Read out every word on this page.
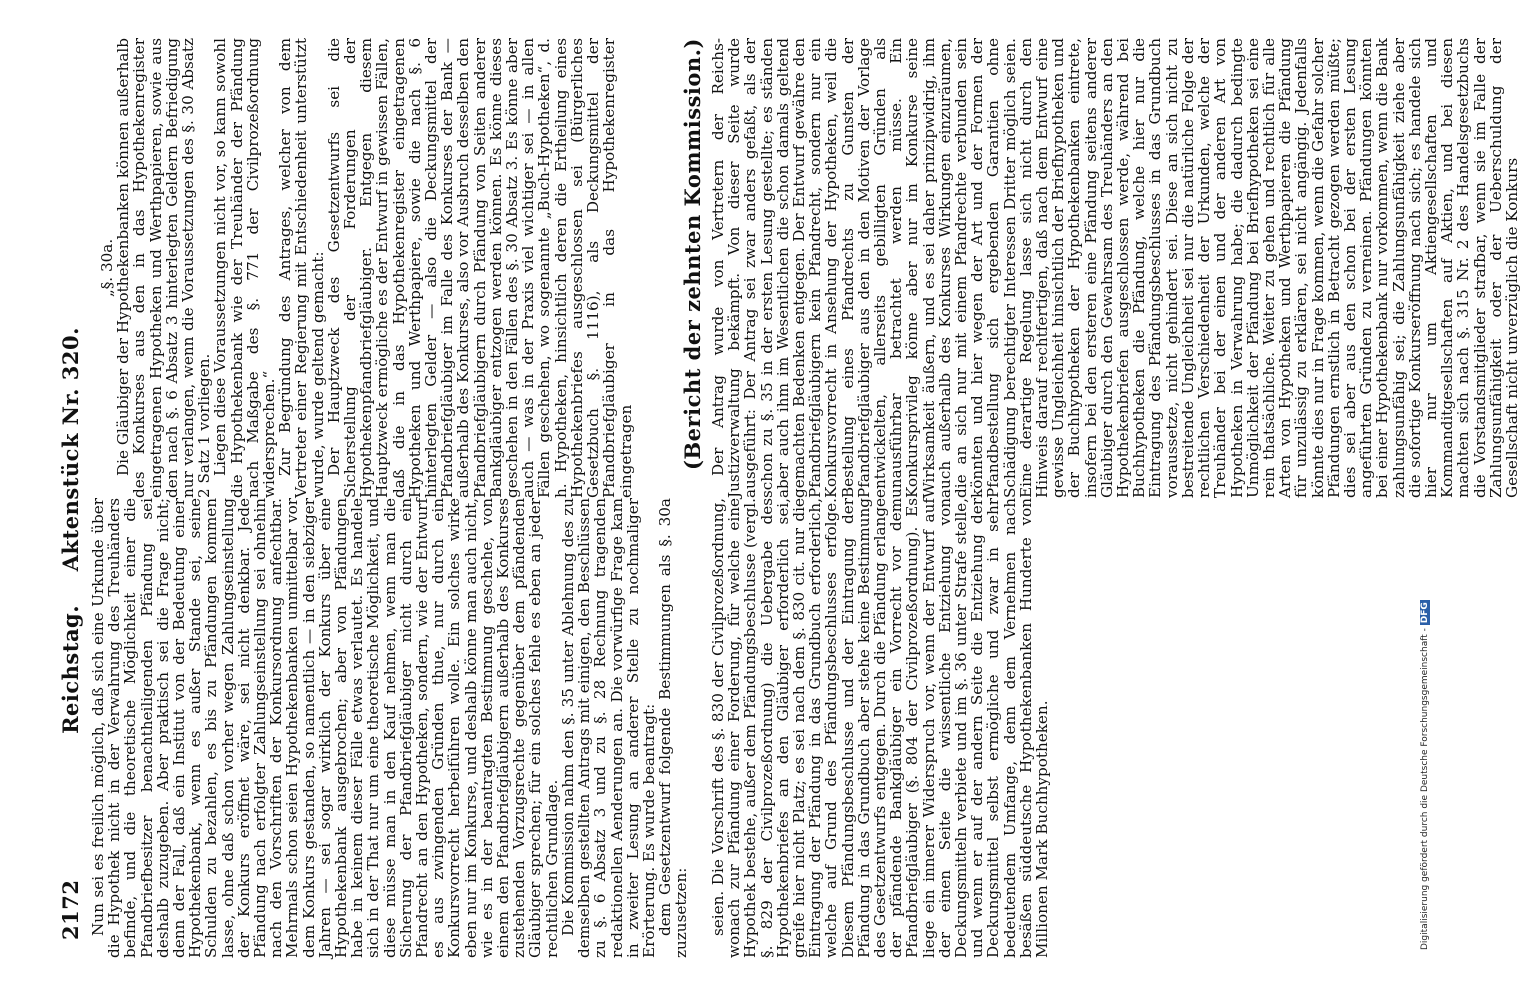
2172  Reichstag.  Aktenstück Nr. 320.	(Bericht der zehnten Kommission.)

Nun sei es freilich möglich, daß sich eine Urkunde über die Hypothek nicht in der Verwahrung des Treuhänders befinde, und die theoretische Möglichkeit einer die Pfandbriefbesitzer benachtheiligenden Pfändung sei deshalb zuzugeben. Aber praktisch sei die Frage nicht; denn der Fall, daß ein Institut von der Bedeutung einer Hypothekenbank, wenn es außer Stande sei, seine Schulden zu bezahlen, es bis zu Pfändungen kommen lasse, ohne daß schon vorher wegen Zahlungseinstellung der Konkurs eröffnet wäre, sei nicht denkbar. Jede Pfändung nach erfolgter Zahlungseinstellung sei ohnehin nach den Vorschriften der Konkursordnung anfechtbar. Mehrmals schon seien Hypothekenbanken unmittelbar vor dem Konkurs gestanden, so namentlich — in den siebziger Jahren — sei sogar wirklich der Konkurs über eine Hypothekenbank ausgebrochen; aber von Pfändungen habe in keinem dieser Fälle etwas verlautet. Es handele sich in der That nur um eine theoretische Möglichkeit, und diese müsse man in den Kauf nehmen, wenn man die Sicherung der Pfandbriefgläubiger nicht durch ein Pfandrecht an den Hypotheken, sondern, wie der Entwurf es aus zwingenden Gründen thue, nur durch ein Konkursvorrecht herbeiführen wolle. Ein solches wirke eben nur im Konkurse, und deshalb könne man auch nicht, wie es in der beantragten Bestimmung geschehe, von einem den Pfandbriefgläubigern außerhalb des Konkurses zustehenden Vorzugsrechte gegenüber dem pfändenden Gläubiger sprechen; für ein solches fehle es eben an jeder rechtlichen Grundlage.

Die Kommission nahm den §. 35 unter Ablehnung des zu demselben gestellten Antrags mit einigen, den Beschlüssen zu §. 6 Absatz 3 und zu §. 28 Rechnung tragenden redaktionellen Aenderungen an. Die vorwürfige Frage kam in zweiter Lesung an anderer Stelle zu nochmaliger Erörterung. Es wurde beantragt:

dem Gesetzentwurf folgende Bestimmungen als §. 30a zuzusetzen:

„§. 30a.

Die Gläubiger der Hypothekenbanken können außerhalb des Konkurses aus den in das Hypothekenregister eingetragenen Hypotheken und Werthpapieren, sowie aus den nach §. 6 Absatz 3 hinterlegten Geldern Befriedigung nur verlangen, wenn die Voraussetzungen des §. 30 Absatz 2 Satz 1 vorliegen.

Liegen diese Voraussetzungen nicht vor, so kann sowohl die Hypothekenbank wie der Treuhänder der Pfändung nach Maßgabe des §. 771 der Civilprozeßordnung widersprechen.“

Zur Begründung des Antrages, welcher von dem Vertreter einer Regierung mit Entschiedenheit unterstützt wurde, wurde geltend gemacht:

Der Hauptzweck des Gesetzentwurfs sei die Sicherstellung der Forderungen der Hypothekenpfandbriefgläubiger. Entgegen diesem Hauptzweck ermögliche es der Entwurf in gewissen Fällen, daß die in das Hypothekenregister eingetragenen Hypotheken und Werthpapiere, sowie die nach §. 6 hinterlegten Gelder — also die Deckungsmittel der Pfandbriefgläubiger im Falle des Konkurses der Bank — außerhalb des Konkurses, also vor Ausbruch desselben den Pfandbriefgläubigern durch Pfändung von Seiten anderer Bankgläubiger entzogen werden können. Es könne dieses geschehen in den Fällen des §. 30 Absatz 3. Es könne aber auch — was in der Praxis viel wichtiger sei — in allen Fällen geschehen, wo sogenannte „Buch-Hypotheken“, d. h. Hypotheken, hinsichtlich deren die Ertheilung eines Hypothekenbriefes ausgeschlossen sei (Bürgerliches Gesetzbuch §. 1116), als Deckungsmittel der Pfandbriefgläubiger in das Hypothekenregister eingetragen

seien. Die Vorschrift des §. 830 der Civilprozeßordnung, wonach zur Pfändung einer Forderung, für welche eine Hypothek bestehe, außer dem Pfändungsbeschlusse (vergl. §. 829 der Civilprozeßordnung) die Uebergabe des Hypothekenbriefes an den Gläubiger erforderlich sei, greife hier nicht Platz; es sei nach dem §. 830 cit. nur die Eintragung der Pfändung in das Grundbuch erforderlich, welche auf Grund des Pfändungsbeschlusses erfolge. Diesem Pfändungsbeschlusse und der Eintragung der Pfändung in das Grundbuch aber stehe keine Bestimmung des Gesetzentwurfs entgegen. Durch die Pfändung erlange der pfändende Bankgläubiger ein Vorrecht vor dem Pfandbriefgläubiger (§. 804 der Civilprozeßordnung). Es liege ein innerer Widerspruch vor, wenn der Entwurf auf der einen Seite die wissentliche Entziehung von Deckungsmitteln verbiete und im §. 36 unter Strafe stelle, und wenn er auf der andern Seite die Entziehung der Deckungsmittel selbst ermögliche und zwar in sehr bedeutendem Umfange, denn dem Vernehmen nach besäßen süddeutsche Hypothekenbanken Hunderte von Millionen Mark Buchhypotheken.

Der Antrag wurde von Vertretern der Reichs-Justizverwaltung bekämpft. Von dieser Seite wurde ausgeführt: Der Antrag sei zwar anders gefaßt, als der schon zu §. 35 in der ersten Lesung gestellte; es ständen aber auch ihm im Wesentlichen die schon damals geltend gemachten Bedenken entgegen. Der Entwurf gewähre den Pfandbriefgläubigern kein Pfandrecht, sondern nur ein Konkursvorrecht in Ansehung der Hypotheken, weil die Bestellung eines Pfandrechts zu Gunsten der Pfandbriefgläubiger aus den in den Motiven der Vorlage entwickelten, allerseits gebilligten Gründen als unausführbar betrachtet werden müsse. Ein Konkursprivileg könne aber nur im Konkurse seine Wirksamkeit äußern, und es sei daher prinzipwidrig, ihm auch außerhalb des Konkurses Wirkungen einzuräumen, die an sich nur mit einem Pfandrechte verbunden sein könnten und hier wegen der Art und der Formen der Pfandbestellung sich ergebenden Garantien ohne Schädigung berechtigter Interessen Dritter möglich seien. Eine derartige Regelung lasse sich nicht durch den Hinweis darauf rechtfertigen, daß nach dem Entwurf eine gewisse Ungleichheit hinsichtlich der Briefhypotheken und der Buchhypotheken der Hypothekenbanken eintrete, insofern bei den ersteren eine Pfändung seitens anderer Gläubiger durch den Gewahrsam des Treuhänders an den Hypothekenbriefen ausgeschlossen werde, während bei Buchhypotheken die Pfändung, welche hier nur die Eintragung des Pfändungsbeschlusses in das Grundbuch voraussetze, nicht gehindert sei. Diese an sich nicht zu bestreitende Ungleichheit sei nur die natürliche Folge der rechtlichen Verschiedenheit der Urkunden, welche der Treuhänder bei der einen und der anderen Art von Hypotheken in Verwahrung habe; die dadurch bedingte Unmöglichkeit der Pfändung bei Briefhypotheken sei eine rein thatsächliche. Weiter zu gehen und rechtlich für alle Arten von Hypotheken und Werthpapieren die Pfändung für unzulässig zu erklären, sei nicht angängig. Jedenfalls könnte dies nur in Frage kommen, wenn die Gefahr solcher Pfändungen ernstlich in Betracht gezogen werden müßte; dies sei aber aus den schon bei der ersten Lesung angeführten Gründen zu verneinen. Pfändungen könnten bei einer Hypothekenbank nur vorkommen, wenn die Bank zahlungsunfähig sei; die Zahlungsunfähigkeit ziehe aber die sofortige Konkurseröffnung nach sich; es handele sich hier nur um Aktiengesellschaften und Kommanditgesellschaften auf Aktien, und bei diesen machten sich nach §. 315 Nr. 2 des Handelsgesetzbuchs die Vorstandsmitglieder strafbar, wenn sie im Falle der Zahlungsunfähigkeit oder der Ueberschuldung der Gesellschaft nicht unverzüglich die Konkurs

Digitalisierung gefördert durch die Deutsche Forschungsgemeinschaft - DFG
